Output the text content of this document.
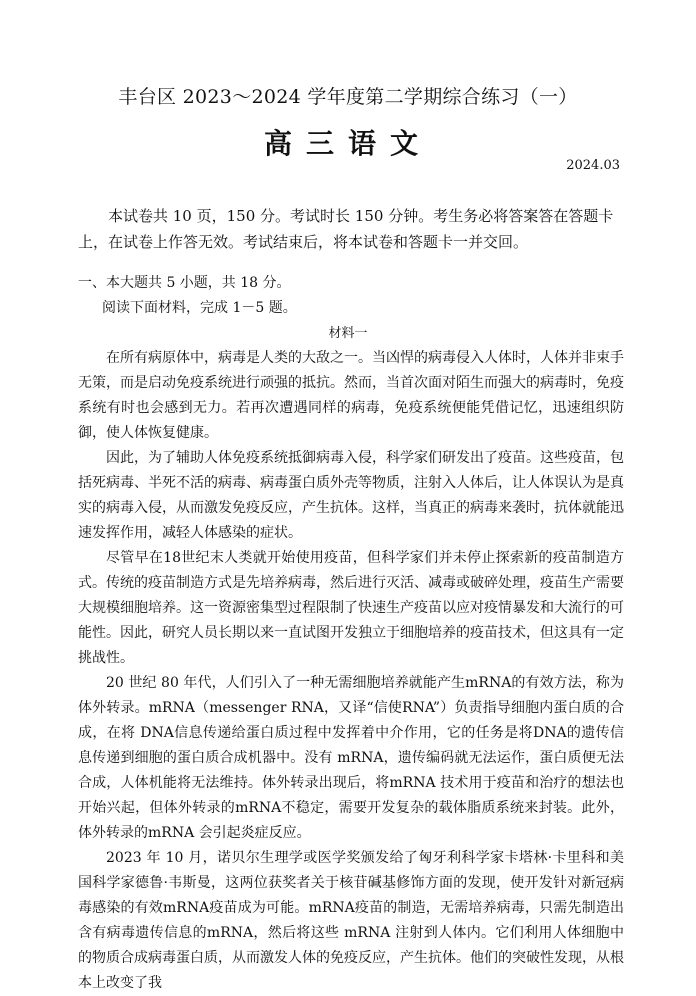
丰台区 2023～2024 学年度第二学期综合练习（一）
高三语文
2024.03
本试卷共 10 页，150 分。考试时长 150 分钟。考生务必将答案答在答题卡上，在试卷上作答无效。考试结束后，将本试卷和答题卡一并交回。
一、本大题共 5 小题，共 18 分。
阅读下面材料，完成 1－5 题。
材料一

在所有病原体中，病毒是人类的大敌之一。当凶悍的病毒侵入人体时，人体并非束手无策，而是启动免疫系统进行顽强的抵抗。然而，当首次面对陌生而强大的病毒时，免疫系统有时也会感到无力。若再次遭遇同样的病毒，免疫系统便能凭借记忆，迅速组织防御，使人体恢复健康。

因此，为了辅助人体免疫系统抵御病毒入侵，科学家们研发出了疫苗。这些疫苗，包括死病毒、半死不活的病毒、病毒蛋白质外壳等物质，注射入人体后，让人体误认为是真实的病毒入侵，从而激发免疫反应，产生抗体。这样，当真正的病毒来袭时，抗体就能迅速发挥作用，减轻人体感染的症状。

尽管早在18世纪末人类就开始使用疫苗，但科学家们并未停止探索新的疫苗制造方式。传统的疫苗制造方式是先培养病毒，然后进行灭活、减毒或破碎处理，疫苗生产需要大规模细胞培养。这一资源密集型过程限制了快速生产疫苗以应对疫情暴发和大流行的可能性。因此，研究人员长期以来一直试图开发独立于细胞培养的疫苗技术，但这具有一定挑战性。

20 世纪 80 年代，人们引入了一种无需细胞培养就能产生mRNA的有效方法，称为体外转录。mRNA（messenger RNA，又译“信使RNA”）负责指导细胞内蛋白质的合成，在将 DNA信息传递给蛋白质过程中发挥着中介作用，它的任务是将DNA的遗传信息传递到细胞的蛋白质合成机器中。没有 mRNA，遗传编码就无法运作，蛋白质便无法合成，人体机能将无法维持。体外转录出现后，将mRNA 技术用于疫苗和治疗的想法也开始兴起，但体外转录的mRNA不稳定，需要开发复杂的载体脂质系统来封装。此外，体外转录的mRNA 会引起炎症反应。

2023 年 10 月，诺贝尔生理学或医学奖颁发给了匈牙利科学家卡塔林·卡里科和美国科学家德鲁·韦斯曼，这两位获奖者关于核苷碱基修饰方面的发现，使开发针对新冠病毒感染的有效mRNA疫苗成为可能。mRNA疫苗的制造，无需培养病毒，只需先制造出含有病毒遗传信息的mRNA，然后将这些 mRNA 注射到人体内。它们利用人体细胞中的物质合成病毒蛋白质，从而激发人体的免疫反应，产生抗体。他们的突破性发现，从根本上改变了我
